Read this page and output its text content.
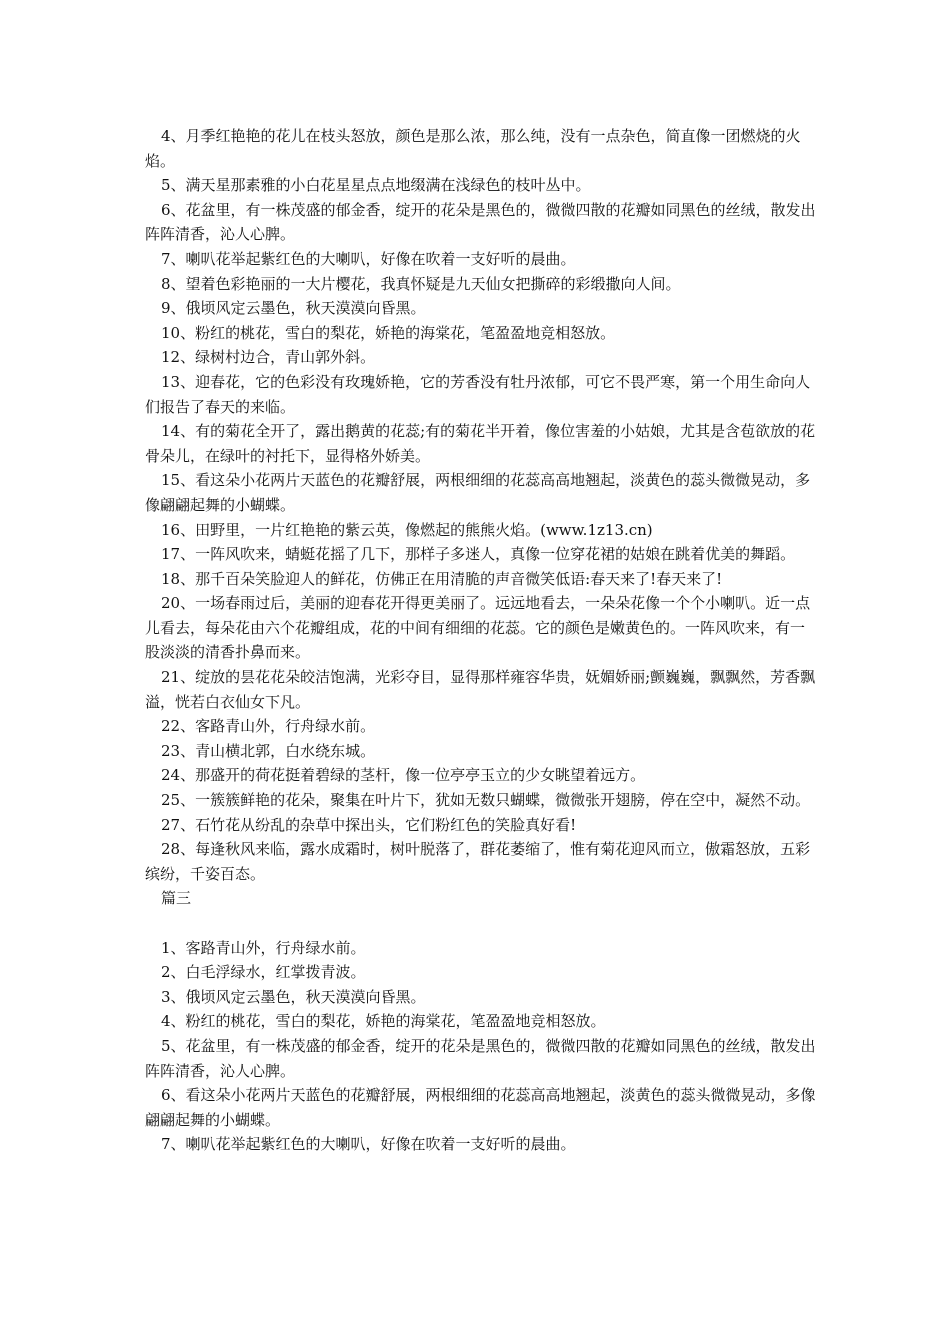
4、月季红艳艳的花儿在枝头怒放，颜色是那么浓，那么纯，没有一点杂色，简直像一团燃烧的火焰。

5、满天星那素雅的小白花星星点点地缀满在浅绿色的枝叶丛中。

6、花盆里，有一株茂盛的郁金香，绽开的花朵是黑色的，微微四散的花瓣如同黑色的丝绒，散发出阵阵清香，沁人心脾。

7、喇叭花举起紫红色的大喇叭，好像在吹着一支好听的晨曲。

8、望着色彩艳丽的一大片樱花，我真怀疑是九天仙女把撕碎的彩缎撒向人间。

9、俄顷风定云墨色，秋天漠漠向昏黑。

10、粉红的桃花，雪白的梨花，娇艳的海棠花，笔盈盈地竞相怒放。

12、绿树村边合，青山郭外斜。

13、迎春花，它的色彩没有玫瑰娇艳，它的芳香没有牡丹浓郁，可它不畏严寒，第一个用生命向人们报告了春天的来临。

14、有的菊花全开了，露出鹅黄的花蕊;有的菊花半开着，像位害羞的小姑娘，尤其是含苞欲放的花骨朵儿，在绿叶的衬托下，显得格外娇美。

15、看这朵小花两片天蓝色的花瓣舒展，两根细细的花蕊高高地翘起，淡黄色的蕊头微微晃动，多像翩翩起舞的小蝴蝶。

16、田野里，一片红艳艳的紫云英，像燃起的熊熊火焰。(www.1z13.cn)

17、一阵风吹来，蜻蜓花摇了几下，那样子多迷人，真像一位穿花裙的姑娘在跳着优美的舞蹈。

18、那千百朵笑脸迎人的鲜花，仿佛正在用清脆的声音微笑低语:春天来了!春天来了!

20、一场春雨过后，美丽的迎春花开得更美丽了。远远地看去，一朵朵花像一个个小喇叭。近一点儿看去，每朵花由六个花瓣组成，花的中间有细细的花蕊。它的颜色是嫩黄色的。一阵风吹来，有一股淡淡的清香扑鼻而来。

21、绽放的昙花花朵皎洁饱满，光彩夺目，显得那样雍容华贵，妩媚娇丽;颤巍巍，飘飘然，芳香飘溢，恍若白衣仙女下凡。

22、客路青山外，行舟绿水前。

23、青山横北郭，白水绕东城。

24、那盛开的荷花挺着碧绿的茎杆，像一位亭亭玉立的少女眺望着远方。

25、一簇簇鲜艳的花朵，聚集在叶片下，犹如无数只蝴蝶，微微张开翅膀，停在空中，凝然不动。

27、石竹花从纷乱的杂草中探出头，它们粉红色的笑脸真好看!

28、每逢秋风来临，露水成霜时，树叶脱落了，群花萎缩了，惟有菊花迎风而立，傲霜怒放，五彩缤纷，千姿百态。

篇三

1、客路青山外，行舟绿水前。

2、白毛浮绿水，红掌拨青波。

3、俄顷风定云墨色，秋天漠漠向昏黑。

4、粉红的桃花，雪白的梨花，娇艳的海棠花，笔盈盈地竞相怒放。

5、花盆里，有一株茂盛的郁金香，绽开的花朵是黑色的，微微四散的花瓣如同黑色的丝绒，散发出阵阵清香，沁人心脾。

6、看这朵小花两片天蓝色的花瓣舒展，两根细细的花蕊高高地翘起，淡黄色的蕊头微微晃动，多像翩翩起舞的小蝴蝶。

7、喇叭花举起紫红色的大喇叭，好像在吹着一支好听的晨曲。
